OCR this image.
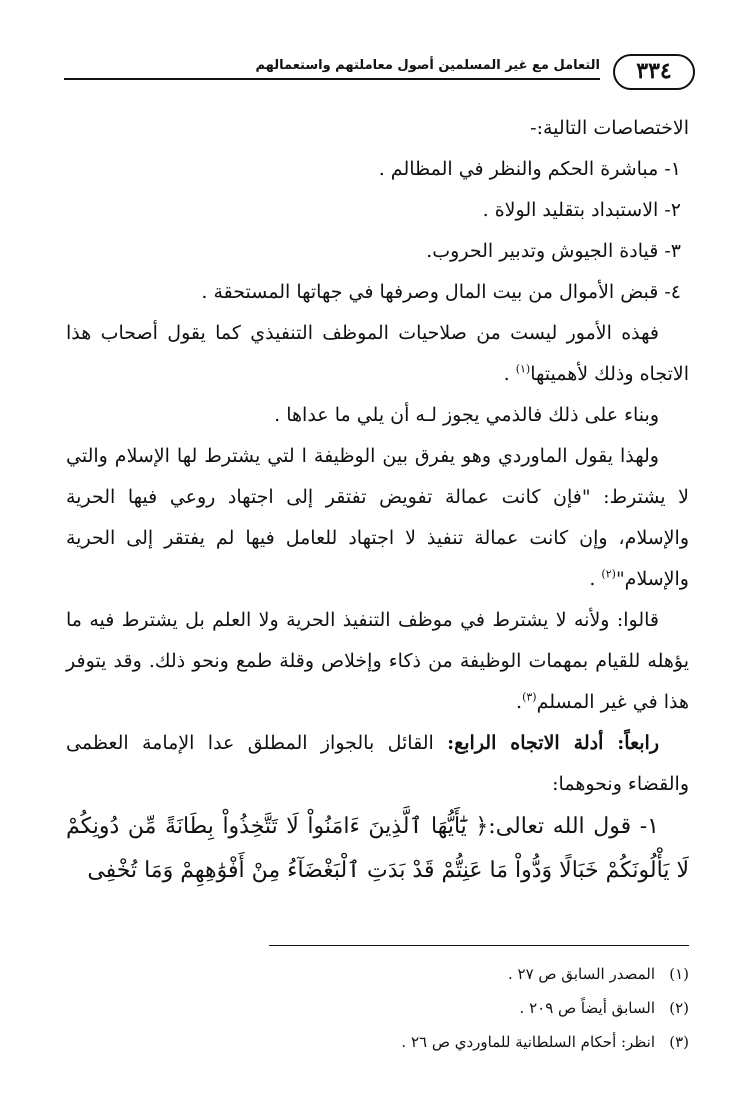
٣٣٤
التعامل مع غير المسلمين أصول معاملتهم واستعمالهم

الاختصاصات التالية:-

١- مباشرة الحكم والنظر في المظالم .

٢- الاستبداد بتقليد الولاة .

٣- قيادة الجيوش وتدبير الحروب.

٤- قبض الأموال من بيت المال وصرفها في جهاتها المستحقة .

فهذه الأمور ليست من صلاحيات الموظف التنفيذي كما يقول أصحاب هذا الاتجاه وذلك لأهميتها$^{(١)}$ .

وبناء على ذلك فالذمي يجوز لـه أن يلي ما عداها .

ولهذا يقول الماوردي وهو يفرق بين الوظيفة ا لتي يشترط لها الإسلام والتي لا يشترط: "فإن كانت عمالة تفويض تفتقر إلى اجتهاد روعي فيها الحرية والإسلام، وإن كانت عمالة تنفيذ لا اجتهاد للعامل فيها لم يفتقر إلى الحرية والإسلام"$^{(٢)}$ .

قالوا: ولأنه لا يشترط في موظف التنفيذ الحرية ولا العلم بل يشترط فيه ما يؤهله للقيام بمهمات الوظيفة من ذكاء وإخلاص وقلة طمع ونحو ذلك. وقد يتوفر هذا في غير المسلم$^{(٣)}$.

رابعاً: أدلة الاتجاه الرابع: القائل بالجواز المطلق عدا الإمامة العظمى والقضاء ونحوهما:

١- قول الله تعالى:﴿ يَٰٓأَيُّهَا ٱلَّذِينَ ءَامَنُواْ لَا تَتَّخِذُواْ بِطَانَةً مِّن دُونِكُمْ لَا يَأْلُونَكُمْ خَبَالًا وَدُّواْ مَا عَنِتُّمْ قَدْ بَدَتِ ٱلْبَغْضَآءُ مِنْ أَفْوَٰهِهِمْ وَمَا تُخْفِى

(١)المصدر السابق ص ٢٧ .
(٢)السابق أيضاً ص ٢٠٩ .
(٣)انظر: أحكام السلطانية للماوردي ص ٢٦ .
